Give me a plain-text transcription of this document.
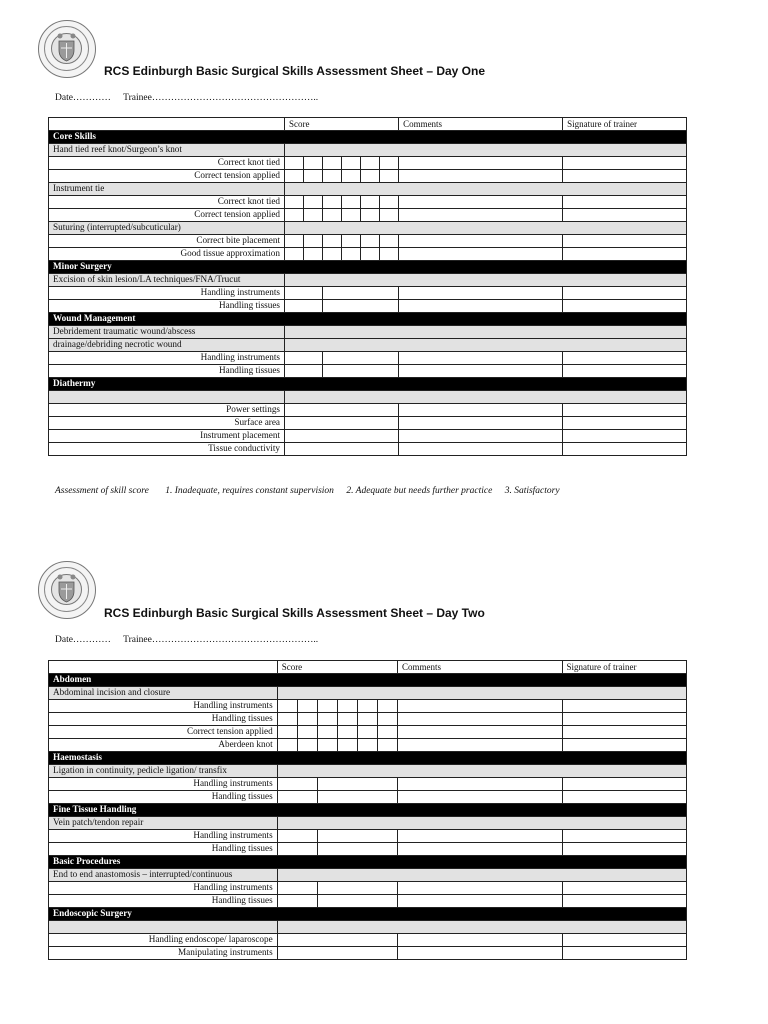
RCS Edinburgh Basic Surgical Skills Assessment Sheet – Day One
Date………… Trainee……………………………………………..
	Score						Comments	Signature of trainer
Core Skills								
Hand tied reef knot/Surgeon’s knot								
Correct knot tied								
Correct tension applied								
Instrument tie								
Correct knot tied								
Correct tension applied								
Suturing (interrupted/subcuticular)								
Correct bite placement								
Good tissue approximation								
Minor Surgery								
Excision of skin lesion/LA techniques/FNA/Trucut								
Handling instruments								
Handling tissues								
Wound Management								
Debridement traumatic wound/abscess								
drainage/debriding necrotic wound								
Handling instruments								
Handling tissues								
Diathermy								

Power settings								
Surface area								
Instrument placement								
Tissue conductivity								
Assessment of skill score 1. Inadequate, requires constant supervision 2. Adequate but needs further practice 3. Satisfactory
RCS Edinburgh Basic Surgical Skills Assessment Sheet – Day Two
Date………… Trainee……………………………………………..
	Score						Comments	Signature of trainer
Abdomen								
Abdominal incision and closure								
Handling instruments								
Handling tissues								
Correct tension applied								
Aberdeen knot								
Haemostasis								
Ligation in continuity, pedicle ligation/ transfix								
Handling instruments								
Handling tissues								
Fine Tissue Handling								
Vein patch/tendon repair								
Handling instruments								
Handling tissues								
Basic Procedures								
End to end anastomosis – interrupted/continuous								
Handling instruments								
Handling tissues								
Endoscopic Surgery								

Handling endoscope/ laparoscope								
Manipulating instruments								
